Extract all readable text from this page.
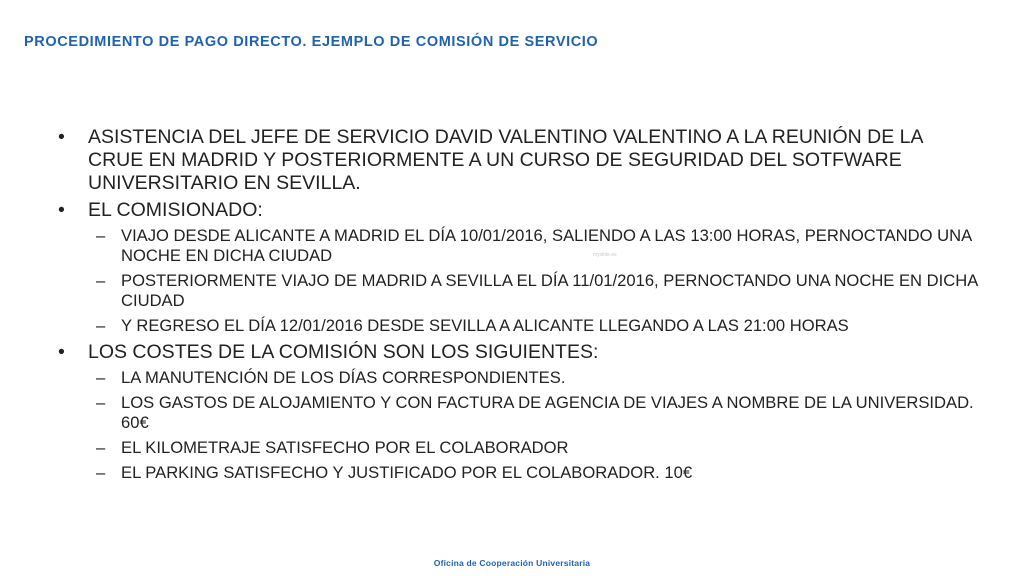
PROCEDIMIENTO DE PAGO DIRECTO. EJEMPLO DE COMISIÓN DE SERVICIO
• ASISTENCIA DEL JEFE DE SERVICIO DAVID VALENTINO VALENTINO A LA REUNIÓN DE LA CRUE EN MADRID Y POSTERIORMENTE A UN CURSO DE SEGURIDAD DEL SOTFWARE UNIVERSITARIO EN SEVILLA.
• EL COMISIONADO:
– VIAJO DESDE ALICANTE A MADRID EL DÍA 10/01/2016, SALIENDO A LAS 13:00 HORAS, PERNOCTANDO UNA NOCHE EN DICHA CIUDAD
– POSTERIORMENTE VIAJO DE MADRID A SEVILLA EL DÍA 11/01/2016, PERNOCTANDO UNA NOCHE EN DICHA CIUDAD
– Y REGRESO EL DÍA 12/01/2016 DESDE SEVILLA A ALICANTE LLEGANDO A LAS 21:00 HORAS
• LOS COSTES DE LA COMISIÓN SON LOS SIGUIENTES:
– LA MANUTENCIÓN DE LOS DÍAS CORRESPONDIENTES.
– LOS GASTOS DE ALOJAMIENTO Y CON FACTURA DE AGENCIA DE VIAJES A NOMBRE DE LA UNIVERSIDAD. 60€
– EL KILOMETRAJE SATISFECHO POR EL COLABORADOR
– EL PARKING SATISFECHO Y JUSTIFICADO POR EL COLABORADOR. 10€
myslide.es
Oficina de Cooperación Universitaria
